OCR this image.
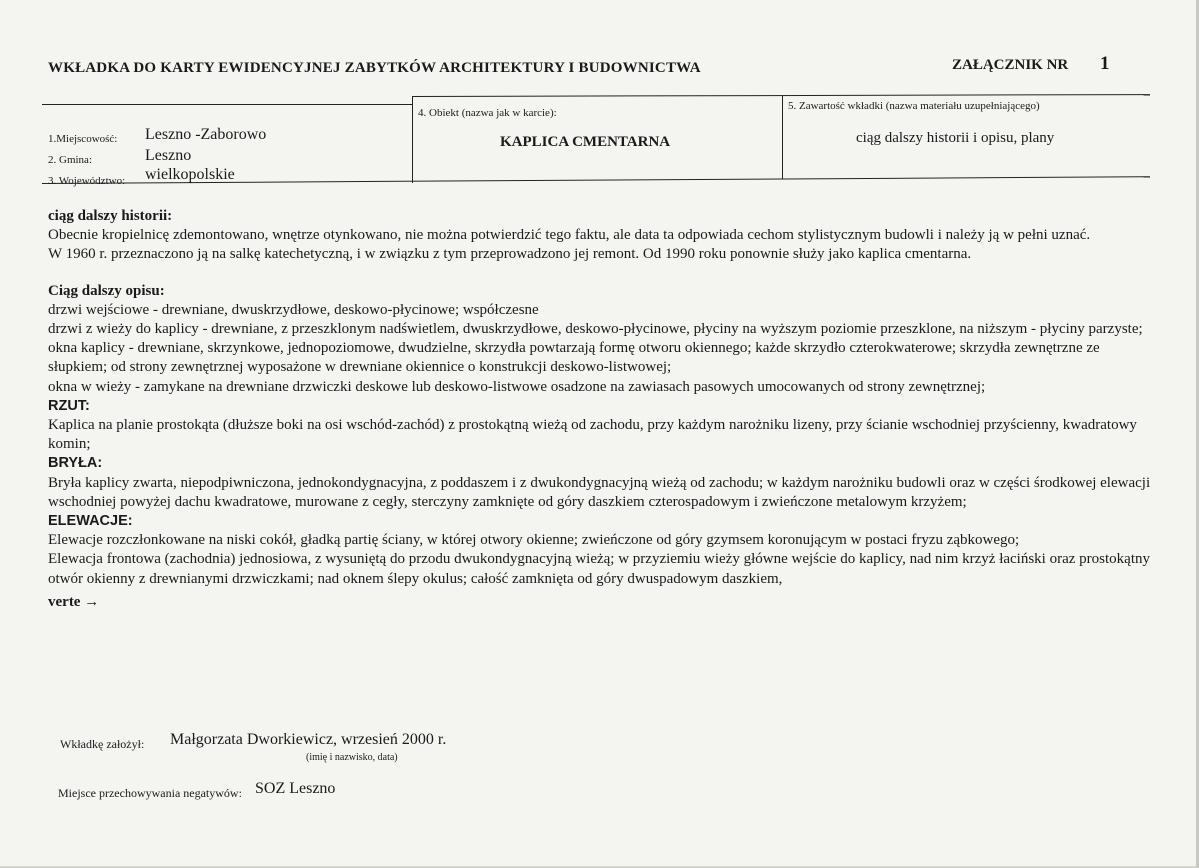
WKŁADKA DO KARTY EWIDENCYJNEJ ZABYTKÓW ARCHITEKTURY I BUDOWNICTWA	ZAŁĄCZNIK NR 1
1.Miejscowość: Leszno -Zaborowo
2. Gmina:	Leszno
3. Województwo: wielkopolskie
4. Obiekt (nazwa jak w karcie):
KAPLICA CMENTARNA
5. Zawartość wkładki (nazwa materiału uzupełniającego)
ciąg dalszy historii i opisu, plany

ciąg dalszy historii:

Obecnie kropielnicę zdemontowano, wnętrze otynkowano, nie można potwierdzić tego faktu, ale data ta odpowiada cechom stylistycznym budowli i należy ją w pełni uznać.

W 1960 r. przeznaczono ją na salkę katechetyczną, i w związku z tym przeprowadzono jej remont. Od 1990 roku ponownie służy jako kaplica cmentarna.

Ciąg dalszy opisu:

drzwi wejściowe - drewniane, dwuskrzydłowe, deskowo-płycinowe; współczesne

drzwi z wieży do kaplicy - drewniane, z przeszklonym nadświetlem, dwuskrzydłowe, deskowo-płycinowe, płyciny na wyższym poziomie przeszklone, na niższym - płyciny parzyste;

okna kaplicy - drewniane, skrzynkowe, jednopoziomowe, dwudzielne, skrzydła powtarzają formę otworu okiennego; każde skrzydło czterokwaterowe; skrzydła zewnętrzne ze słupkiem; od strony zewnętrznej wyposażone w drewniane okiennice o konstrukcji deskowo-listwowej;

okna w wieży - zamykane na drewniane drzwiczki deskowe lub deskowo-listwowe osadzone na zawiasach pasowych umocowanych od strony zewnętrznej;

RZUT:

Kaplica na planie prostokąta (dłuższe boki na osi wschód-zachód) z prostokątną wieżą od zachodu, przy każdym narożniku lizeny, przy ścianie wschodniej przyścienny, kwadratowy komin;

BRYŁA:

Bryła kaplicy zwarta, niepodpiwniczona, jednokondygnacyjna, z poddaszem i z dwukondygnacyjną wieżą od zachodu; w każdym narożniku budowli oraz w części środkowej elewacji wschodniej powyżej dachu kwadratowe, murowane z cegły, sterczyny zamknięte od góry daszkiem czterospadowym i zwieńczone metalowym krzyżem;

ELEWACJE:

Elewacje rozczłonkowane na niski cokół, gładką partię ściany, w której otwory okienne; zwieńczone od góry gzymsem koronującym w postaci fryzu ząbkowego;

Elewacja frontowa (zachodnia) jednosiowa, z wysuniętą do przodu dwukondygnacyjną wieżą; w przyziemiu wieży główne wejście do kaplicy, nad nim krzyż łaciński oraz prostokątny otwór okienny z drewnianymi drzwiczkami; nad oknem ślepy okulus; całość zamknięta od góry dwuspadowym daszkiem,

verte →

Wkładkę założył: Małgorzata Dworkiewicz, wrzesień 2000 r.
(imię i nazwisko, data)
Miejsce przechowywania negatywów: SOZ Leszno
